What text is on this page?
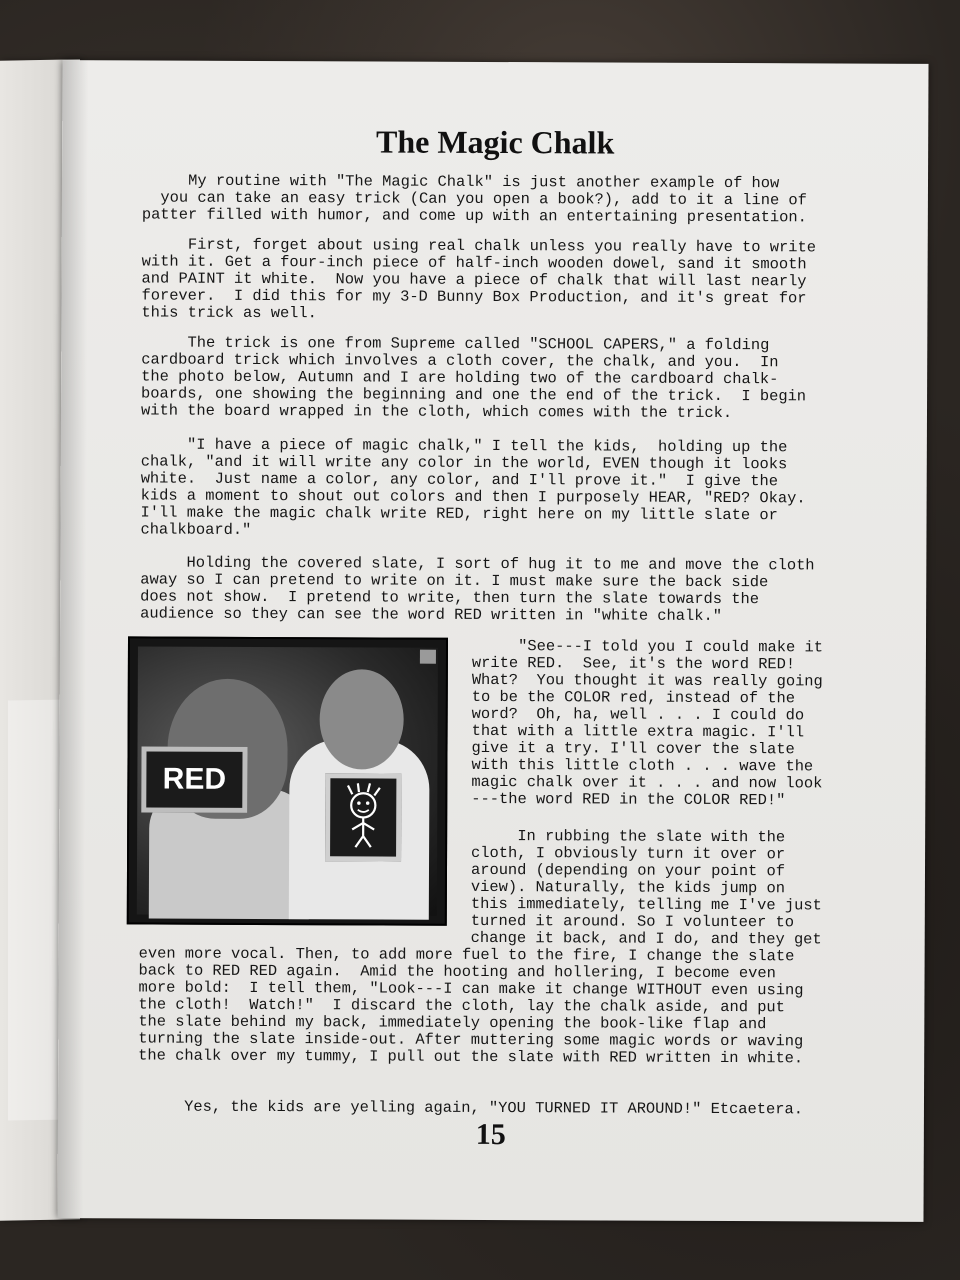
The Magic Chalk

My routine with "The Magic Chalk" is just another example of how
you can take an easy trick (Can you open a book?), add to it a line of
patter filled with humor, and come up with an entertaining presentation.

First, forget about using real chalk unless you really have to write
with it. Get a four-inch piece of half-inch wooden dowel, sand it smooth
and PAINT it white.  Now you have a piece of chalk that will last nearly
forever.  I did this for my 3-D Bunny Box Production, and it's great for
this trick as well.

The trick is one from Supreme called "SCHOOL CAPERS," a folding
cardboard trick which involves a cloth cover, the chalk, and you.  In
the photo below, Autumn and I are holding two of the cardboard chalk-
boards, one showing the beginning and one the end of the trick.  I begin
with the board wrapped in the cloth, which comes with the trick.

"I have a piece of magic chalk," I tell the kids,  holding up the
chalk, "and it will write any color in the world, EVEN though it looks
white.  Just name a color, any color, and I'll prove it."  I give the
kids a moment to shout out colors and then I purposely HEAR, "RED? Okay.
I'll make the magic chalk write RED, right here on my little slate or
chalkboard."

Holding the covered slate, I sort of hug it to me and move the cloth
away so I can pretend to write on it. I must make sure the back side
does not show.  I pretend to write, then turn the slate towards the
audience so they can see the word RED written in "white chalk."

RED

"See---I told you I could make it
write RED.  See, it's the word RED!
What?  You thought it was really going
to be the COLOR red, instead of the
word?  Oh, ha, well . . . I could do
that with a little extra magic. I'll
give it a try. I'll cover the slate
with this little cloth . . . wave the
magic chalk over it . . . and now look
---the word RED in the COLOR RED!"

In rubbing the slate with the
cloth, I obviously turn it over or
around (depending on your point of
view). Naturally, the kids jump on
this immediately, telling me I've just
turned it around. So I volunteer to
change it back, and I do, and they get

even more vocal. Then, to add more fuel to the fire, I change the slate
back to RED RED again.  Amid the hooting and hollering, I become even
more bold:  I tell them, "Look---I can make it change WITHOUT even using
the cloth!  Watch!"  I discard the cloth, lay the chalk aside, and put
the slate behind my back, immediately opening the book-like flap and
turning the slate inside-out. After muttering some magic words or waving
the chalk over my tummy, I pull out the slate with RED written in white.

Yes, the kids are yelling again, "YOU TURNED IT AROUND!" Etcaetera.

15
